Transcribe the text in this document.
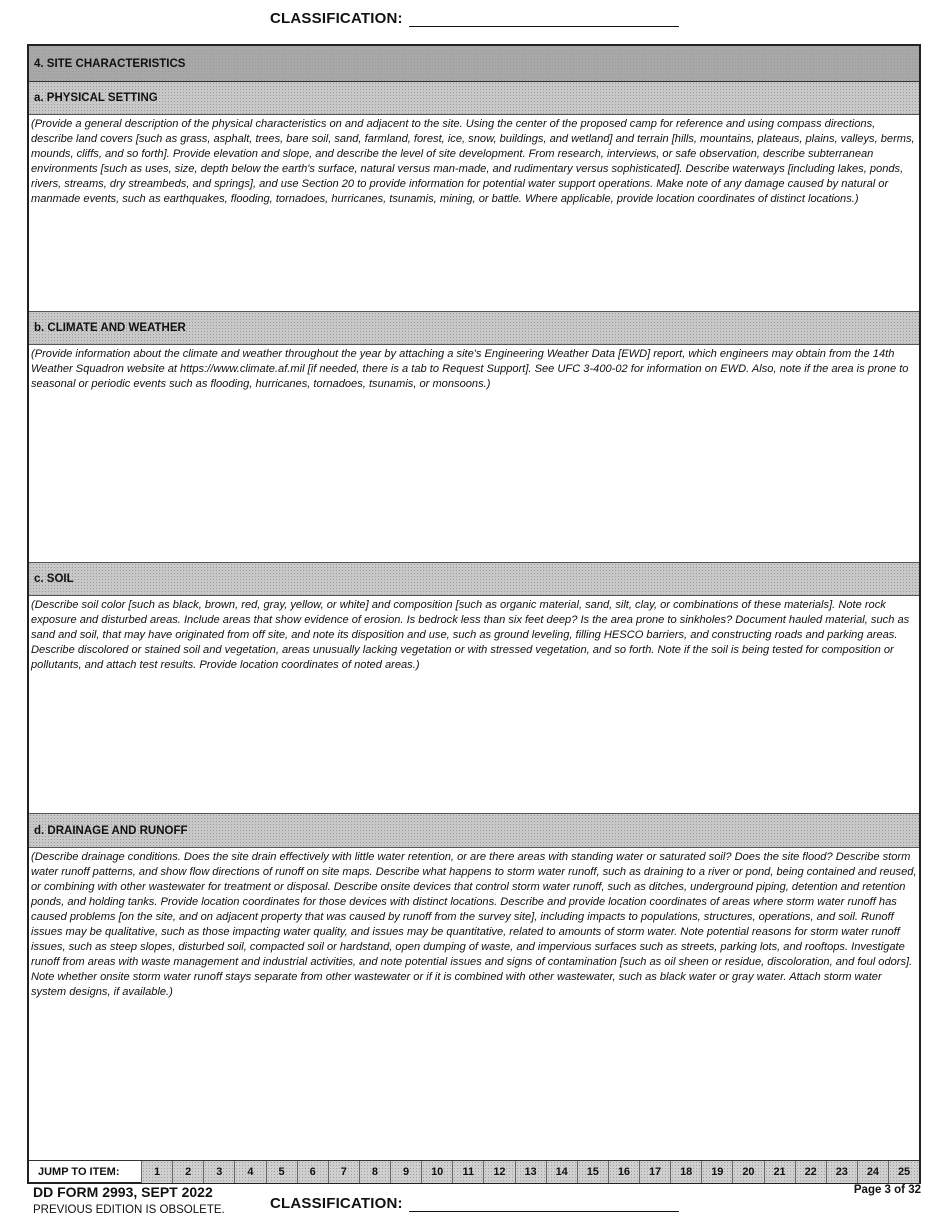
CLASSIFICATION:
4. SITE CHARACTERISTICS
a. PHYSICAL SETTING
(Provide a general description of the physical characteristics on and adjacent to the site. Using the center of the proposed camp for reference and using compass directions, describe land covers [such as grass, asphalt, trees, bare soil, sand, farmland, forest, ice, snow, buildings, and wetland] and terrain [hills, mountains, plateaus, plains, valleys, berms, mounds, cliffs, and so forth]. Provide elevation and slope, and describe the level of site development. From research, interviews, or safe observation, describe subterranean environments [such as uses, size, depth below the earth's surface, natural versus man-made, and rudimentary versus sophisticated]. Describe waterways [including lakes, ponds, rivers, streams, dry streambeds, and springs], and use Section 20 to provide information for potential water support operations. Make note of any damage caused by natural or manmade events, such as earthquakes, flooding, tornadoes, hurricanes, tsunamis, mining, or battle. Where applicable, provide location coordinates of distinct locations.)
b. CLIMATE AND WEATHER
(Provide information about the climate and weather throughout the year by attaching a site's Engineering Weather Data [EWD] report, which engineers may obtain from the 14th Weather Squadron website at https://www.climate.af.mil [if needed, there is a tab to Request Support]. See UFC 3-400-02 for information on EWD. Also, note if the area is prone to seasonal or periodic events such as flooding, hurricanes, tornadoes, tsunamis, or monsoons.)
c. SOIL
(Describe soil color [such as black, brown, red, gray, yellow, or white] and composition [such as organic material, sand, silt, clay, or combinations of these materials]. Note rock exposure and disturbed areas. Include areas that show evidence of erosion. Is bedrock less than six feet deep? Is the area prone to sinkholes? Document hauled material, such as sand and soil, that may have originated from off site, and note its disposition and use, such as ground leveling, filling HESCO barriers, and constructing roads and parking areas. Describe discolored or stained soil and vegetation, areas unusually lacking vegetation or with stressed vegetation, and so forth. Note if the soil is being tested for composition or pollutants, and attach test results. Provide location coordinates of noted areas.)
d. DRAINAGE AND RUNOFF
(Describe drainage conditions. Does the site drain effectively with little water retention, or are there areas with standing water or saturated soil? Does the site flood? Describe storm water runoff patterns, and show flow directions of runoff on site maps. Describe what happens to storm water runoff, such as draining to a river or pond, being contained and reused, or combining with other wastewater for treatment or disposal. Describe onsite devices that control storm water runoff, such as ditches, underground piping, detention and retention ponds, and holding tanks. Provide location coordinates for those devices with distinct locations. Describe and provide location coordinates of areas where storm water runoff has caused problems [on the site, and on adjacent property that was caused by runoff from the survey site], including impacts to populations, structures, operations, and soil. Runoff issues may be qualitative, such as those impacting water quality, and issues may be quantitative, related to amounts of storm water. Note potential reasons for storm water runoff issues, such as steep slopes, disturbed soil, compacted soil or hardstand, open dumping of waste, and impervious surfaces such as streets, parking lots, and rooftops. Investigate runoff from areas with waste management and industrial activities, and note potential issues and signs of contamination [such as oil sheen or residue, discoloration, and foul odors]. Note whether onsite storm water runoff stays separate from other wastewater or if it is combined with other wastewater, such as black water or gray water. Attach storm water system designs, if available.)
JUMP TO ITEM:	1	2	3	4	5	6	7	8	9	10	11	12	13	14	15	16	17	18	19	20	21	22	23	24	25
DD FORM 2993, SEPT 2022
PREVIOUS EDITION IS OBSOLETE.	CLASSIFICATION:
Page 3 of 32
